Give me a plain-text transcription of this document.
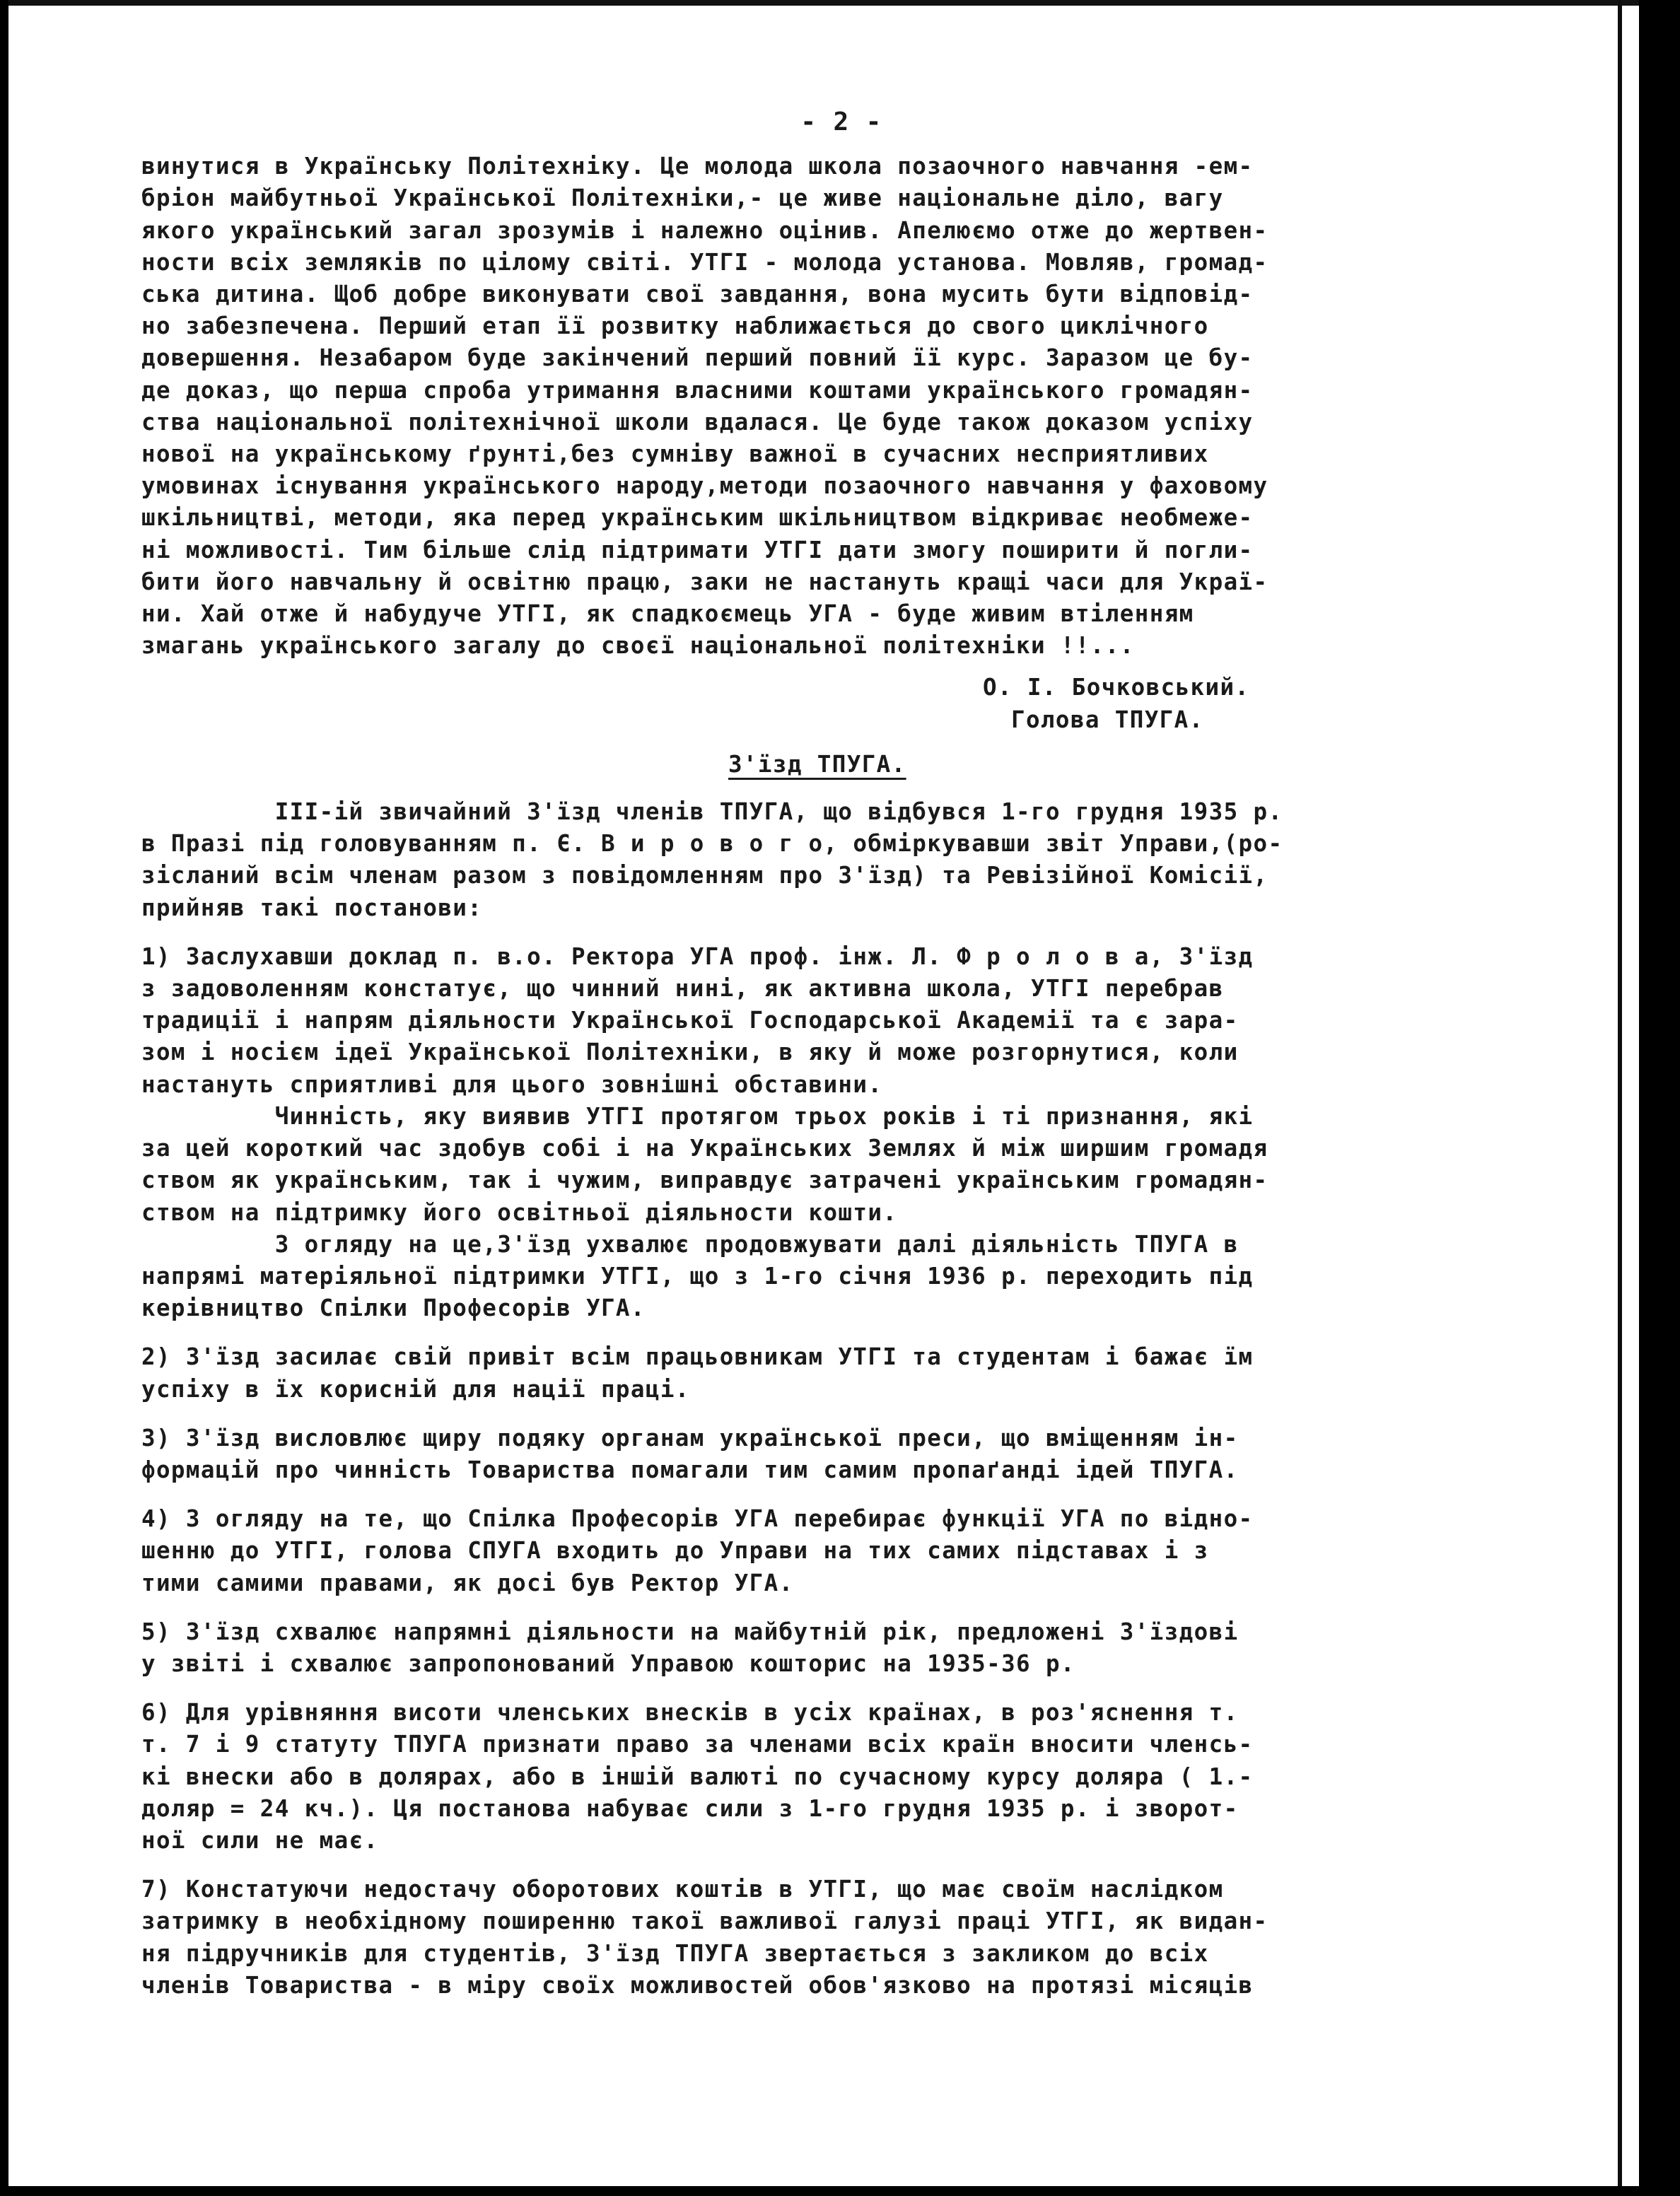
- 2 -
винутися в Українську Політехніку. Це молода школа позаочного навчання -ем-
бріон майбутньої Української Політехніки,- це живе національне діло, вагу
якого український загал зрозумів і належно оцінив. Апелюємо отже до жертвен-
ности всіх земляків по цілому світі. УТГІ - молода установа. Мовляв, громад-
ська дитина. Щоб добре виконувати свої завдання, вона мусить бути відповід-
но забезпечена. Перший етап її розвитку наближається до свого циклічного
довершення. Незабаром буде закінчений перший повний її курс. Заразом це бу-
де доказ, що перша спроба утримання власними коштами українського громадян-
ства національної політехнічної школи вдалася. Це буде також доказом успіху
нової на українському ґрунті,без сумніву важної в сучасних несприятливих
умовинах існування українського народу,методи позаочного навчання у фаховому
шкільництві, методи, яка перед українським шкільництвом відкриває необмеже-
ні можливості. Тим більше слід підтримати УТГІ дати змогу поширити й погли-
бити його навчальну й освітню працю, заки не настануть кращі часи для Украї-
ни. Хай отже й набудуче УТГІ, як спадкоємець УГА - буде живим втіленням
змагань українського загалу до своєї національної політехніки !!...
О. І. Бочковський.
Голова ТПУГА.
З'їзд ТПУГА.
III-ій звичайний З'їзд членів ТПУГА, що відбувся 1-го грудня 1935 р.
в Празі під головуванням п. Є. В и р о в о г о, обміркувавши звіт Управи,(ро-
зісланий всім членам разом з повідомленням про З'їзд) та Ревізійної Комісії,
прийняв такі постанови:
1) Заслухавши доклад п. в.о. Ректора УГА проф. інж. Л. Ф р о л о в а, З'їзд
з задоволенням констатує, що чинний нині, як активна школа, УТГІ перебрав
традиції і напрям діяльности Української Господарської Академії та є зара-
зом і носієм ідеї Української Політехніки, в яку й може розгорнутися, коли
настануть сприятливі для цього зовнішні обставини.
Чинність, яку виявив УТГІ протягом трьох років і ті признання, які
за цей короткий час здобув собі і на Українських Землях й між ширшим громадя
ством як українським, так і чужим, виправдує затрачені українським громадян-
ством на підтримку його освітньої діяльности кошти.
З огляду на це,З'їзд ухвалює продовжувати далі діяльність ТПУГА в
напрямі матеріяльної підтримки УТГІ, що з 1-го січня 1936 р. переходить під
керівництво Спілки Професорів УГА.
2) З'їзд засилає свій привіт всім працьовникам УТГІ та студентам і бажає їм
успіху в їх корисній для нації праці.
3) З'їзд висловлює щиру подяку органам української преси, що вміщенням ін-
формацій про чинність Товариства помагали тим самим пропаґанді ідей ТПУГА.
4) З огляду на те, що Спілка Професорів УГА перебирає функції УГА по відно-
шенню до УТГІ, голова СПУГА входить до Управи на тих самих підставах і з
тими самими правами, як досі був Ректор УГА.
5) З'їзд схвалює напрямні діяльности на майбутній рік, предложені З'їздові
у звіті і схвалює запропонований Управою кошторис на 1935-36 р.
6) Для урівняння висоти членських внесків в усіх країнах, в роз'яснення т.
т. 7 і 9 статуту ТПУГА признати право за членами всіх країн вносити членсь-
кі внески або в долярах, або в іншій валюті по сучасному курсу доляра ( 1.-
доляр = 24 кч.). Ця постанова набуває сили з 1-го грудня 1935 р. і зворот-
ної сили не має.
7) Констатуючи недостачу оборотових коштів в УТГІ, що має своїм наслідком
затримку в необхідному поширенню такої важливої галузі праці УТГІ, як видан-
ня підручників для студентів, З'їзд ТПУГА звертається з закликом до всіх
членів Товариства - в міру своїх можливостей обов'язково на протязі місяців
